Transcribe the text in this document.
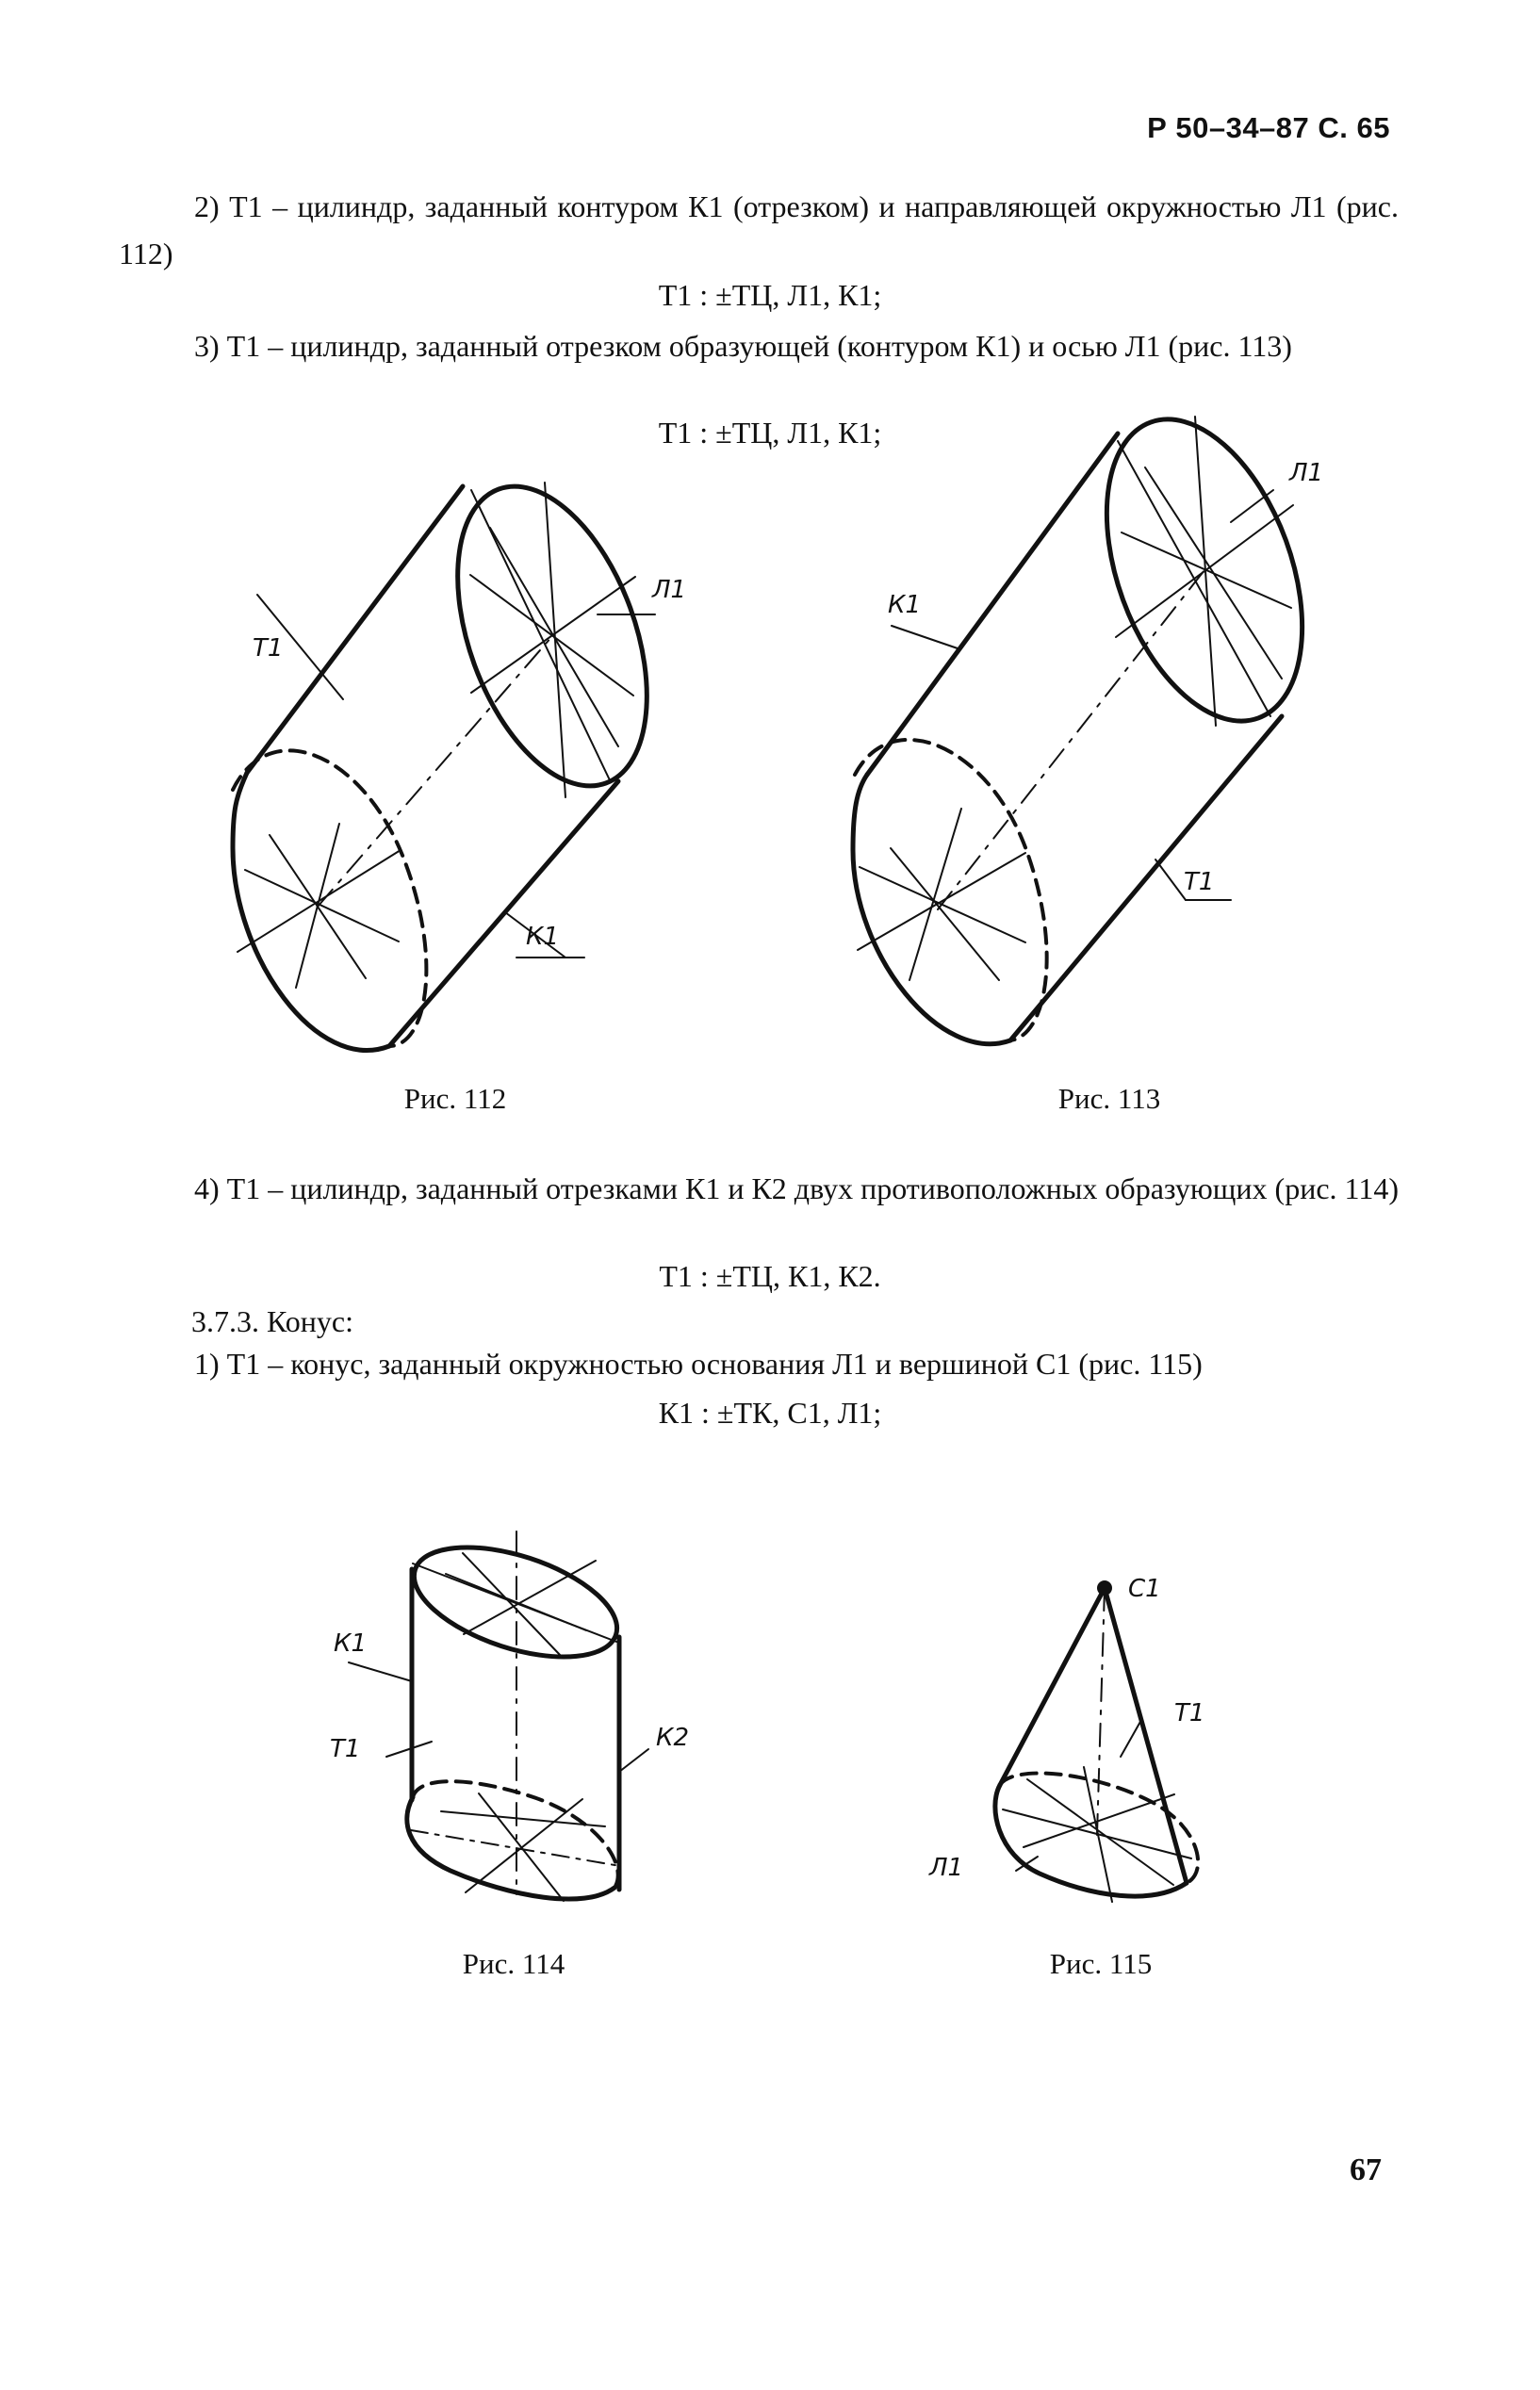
Р 50–34–87 С. 65
2) Т1 – цилиндр, заданный контуром К1 (отрезком) и направляющей окружностью Л1 (рис. 112)
Т1 : ±ТЦ, Л1, К1;
3) Т1 – цилиндр, заданный отрезком образующей (контуром К1) и осью Л1 (рис. 113)
Т1 : ±ТЦ, Л1, К1;
Т1
Л1
К1
К1
Л1
Т1
К1
Т1	К2
С1
Т1
Л1
Рис. 112	Рис. 113
4) Т1 – цилиндр, заданный отрезками К1 и К2 двух противоположных образующих (рис. 114)
Т1 : ±ТЦ, К1, К2.
3.7.3. Конус:
1) Т1 – конус, заданный окружностью основания Л1 и вершиной С1 (рис. 115)
К1 : ±ТК, С1, Л1;
Рис. 114	Рис. 115
67
